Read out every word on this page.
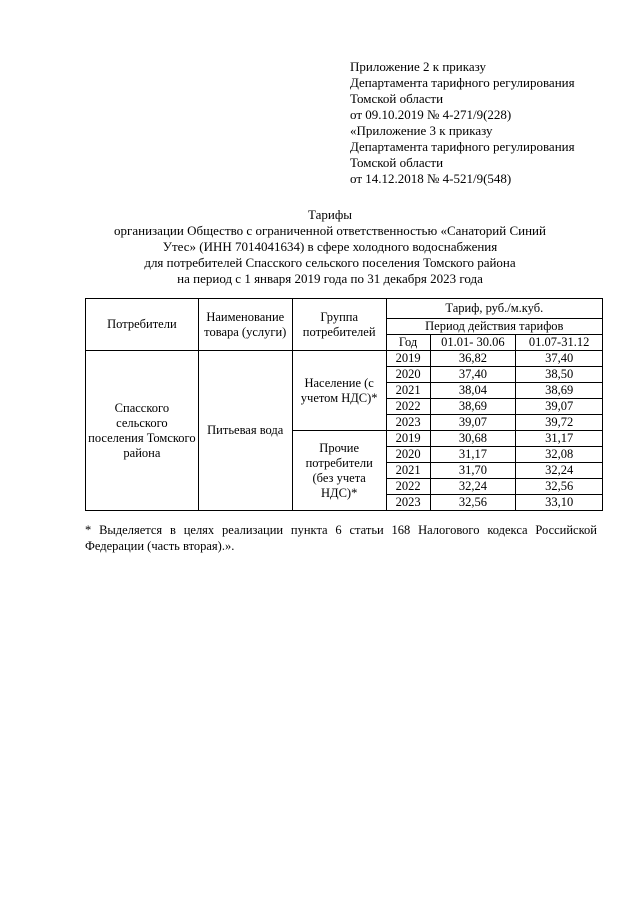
Приложение 2 к приказу
Департамента тарифного регулирования
Томской области
от 09.10.2019 № 4-271/9(228)
«Приложение 3 к приказу
Департамента тарифного регулирования
Томской области
от 14.12.2018 № 4-521/9(548)
Тарифы
организации Общество с ограниченной ответственностью «Санаторий Синий
Утес» (ИНН 7014041634) в сфере холодного водоснабжения
для потребителей Спасского сельского поселения Томского района
на период с 1 января 2019 года по 31 декабря 2023 года
Потребители	Наименование товара (услуги)	Группа потребителей	Тариф, руб./м.куб.		
			Период действия тарифов		
			Год	01.01- 30.06	01.07-31.12
Спасского сельского поселения Томского района	Питьевая вода	Население (с учетом НДС)*	2019	36,82	37,40
			2020	37,40	38,50
			2021	38,04	38,69
			2022	38,69	39,07
			2023	39,07	39,72
		Прочие потребители (без учета НДС)*	2019	30,68	31,17
			2020	31,17	32,08
			2021	31,70	32,24
			2022	32,24	32,56
			2023	32,56	33,10
* Выделяется в целях реализации пункта 6 статьи 168 Налогового кодекса Российской Федерации (часть вторая).».
